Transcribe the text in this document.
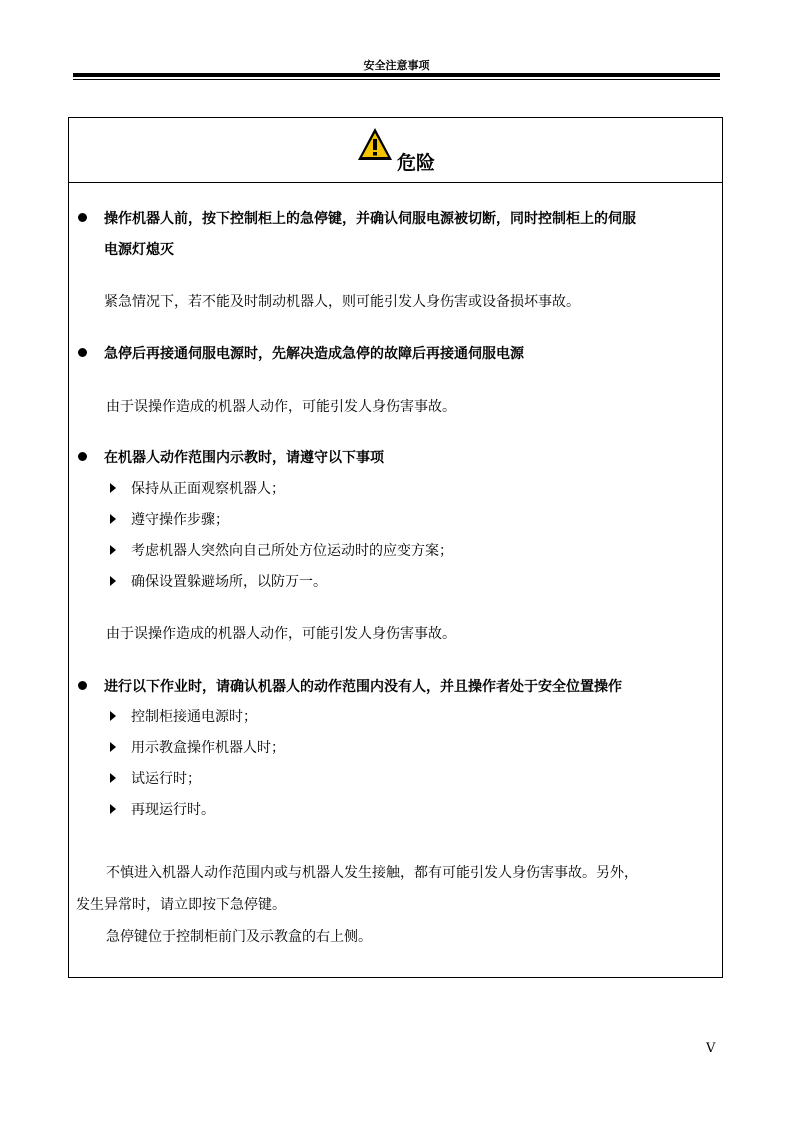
安全注意事项
危险
操作机器人前，按下控制柜上的急停键，并确认伺服电源被切断，同时控制柜上的伺服
电源灯熄灭
紧急情况下，若不能及时制动机器人，则可能引发人身伤害或设备损坏事故。
急停后再接通伺服电源时，先解决造成急停的故障后再接通伺服电源
由于误操作造成的机器人动作，可能引发人身伤害事故。
在机器人动作范围内示教时，请遵守以下事项
保持从正面观察机器人；
遵守操作步骤；
考虑机器人突然向自己所处方位运动时的应变方案；
确保设置躲避场所，以防万一。
由于误操作造成的机器人动作，可能引发人身伤害事故。
进行以下作业时，请确认机器人的动作范围内没有人，并且操作者处于安全位置操作
控制柜接通电源时；
用示教盒操作机器人时；
试运行时；
再现运行时。
不慎进入机器人动作范围内或与机器人发生接触，都有可能引发人身伤害事故。另外，
发生异常时，请立即按下急停键。
急停键位于控制柜前门及示教盒的右上侧。
V
